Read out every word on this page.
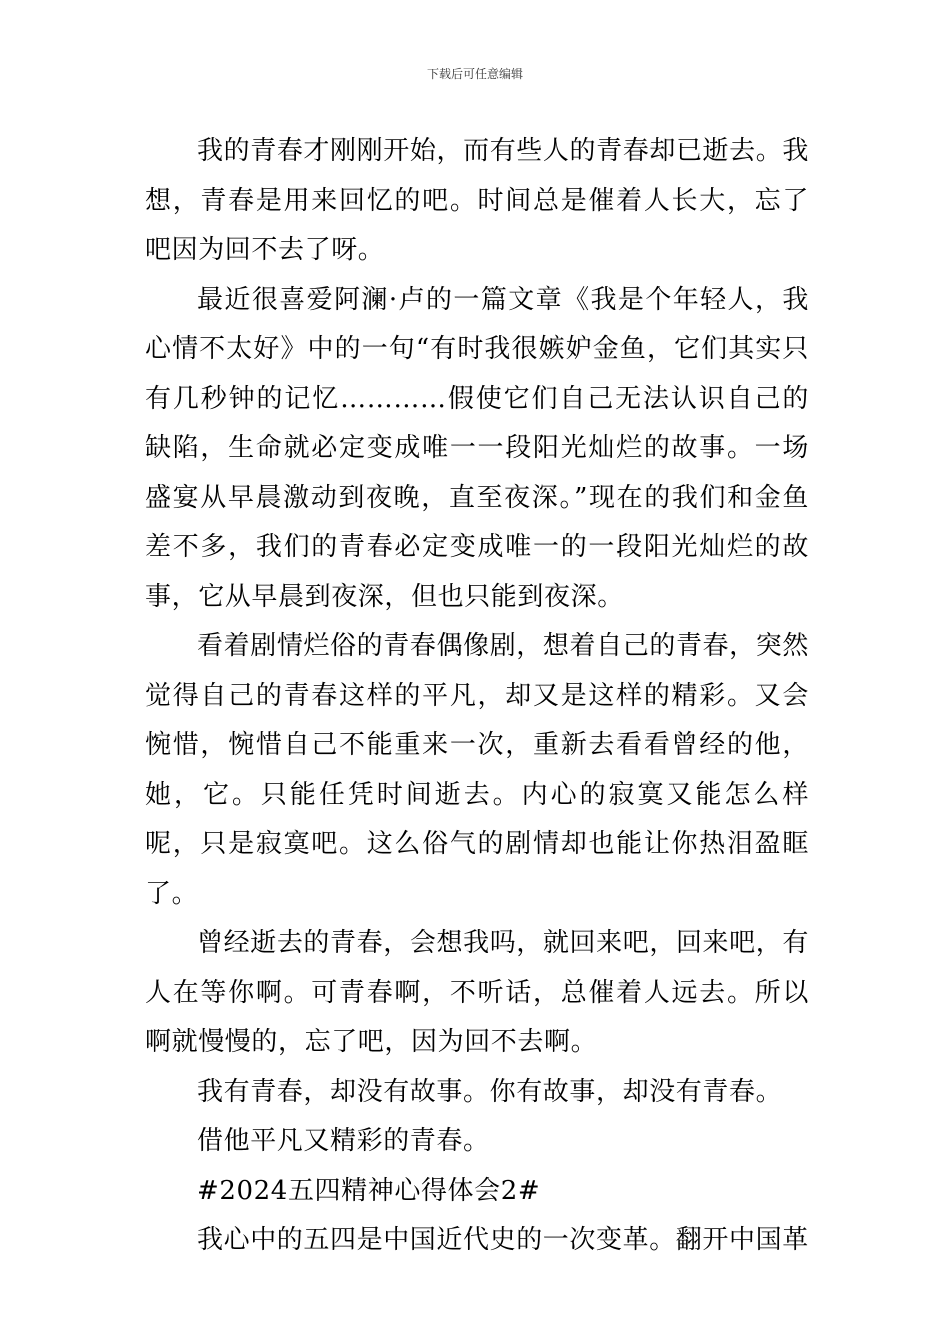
下载后可任意编辑

我的青春才刚刚开始，而有些人的青春却已逝去。我想，青春是用来回忆的吧。时间总是催着人长大，忘了吧因为回不去了呀。

最近很喜爱阿澜·卢的一篇文章《我是个年轻人，我心情不太好》中的一句“有时我很嫉妒金鱼，它们其实只有几秒钟的记忆…………假使它们自己无法认识自己的缺陷，生命就必定变成唯一一段阳光灿烂的故事。一场盛宴从早晨激动到夜晚，直至夜深。”现在的我们和金鱼差不多，我们的青春必定变成唯一的一段阳光灿烂的故事，它从早晨到夜深，但也只能到夜深。

看着剧情烂俗的青春偶像剧，想着自己的青春，突然觉得自己的青春这样的平凡，却又是这样的精彩。又会惋惜，惋惜自己不能重来一次，重新去看看曾经的他，她，它。只能任凭时间逝去。内心的寂寞又能怎么样呢，只是寂寞吧。这么俗气的剧情却也能让你热泪盈眶了。

曾经逝去的青春，会想我吗，就回来吧，回来吧，有人在等你啊。可青春啊，不听话，总催着人远去。所以啊就慢慢的，忘了吧，因为回不去啊。

我有青春，却没有故事。你有故事，却没有青春。

借他平凡又精彩的青春。

#2024五四精神心得体会2#

我心中的五四是中国近代史的一次变革。翻开中国革
